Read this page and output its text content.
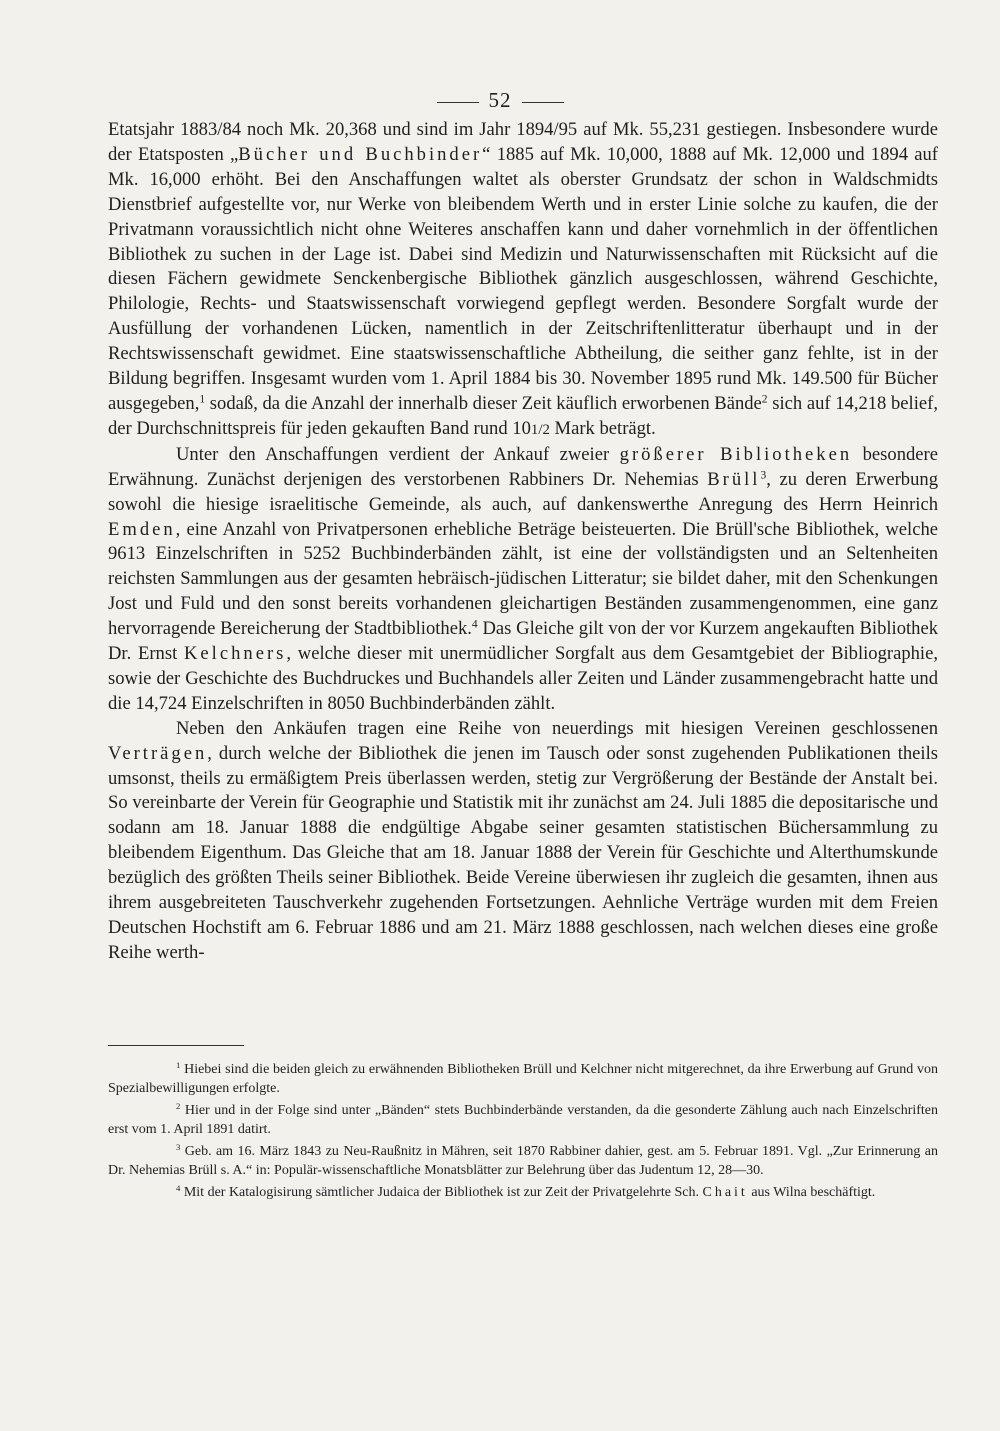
52

Etatsjahr 1883/84 noch Mk. 20,368 und sind im Jahr 1894/95 auf Mk. 55,231 gestiegen. Insbesondere wurde der Etatsposten „Bücher und Buchbinder“ 1885 auf Mk. 10,000, 1888 auf Mk. 12,000 und 1894 auf Mk. 16,000 erhöht. Bei den Anschaffungen waltet als oberster Grundsatz der schon in Waldschmidts Dienstbrief aufgestellte vor, nur Werke von bleibendem Werth und in erster Linie solche zu kaufen, die der Privatmann voraussichtlich nicht ohne Weiteres anschaffen kann und daher vornehmlich in der öffentlichen Bibliothek zu suchen in der Lage ist. Dabei sind Medizin und Naturwissenschaften mit Rücksicht auf die diesen Fächern gewidmete Senckenbergische Bibliothek gänzlich ausgeschlossen, während Geschichte, Philologie, Rechts- und Staatswissenschaft vorwiegend gepflegt werden. Besondere Sorgfalt wurde der Ausfüllung der vorhandenen Lücken, namentlich in der Zeitschriftenlitteratur überhaupt und in der Rechtswissenschaft gewidmet. Eine staatswissenschaftliche Abtheilung, die seither ganz fehlte, ist in der Bildung begriffen. Insgesamt wurden vom 1. April 1884 bis 30. November 1895 rund Mk. 149.500 für Bücher ausgegeben,$^1$ sodaß, da die Anzahl der innerhalb dieser Zeit käuflich erworbenen Bände$^2$ sich auf 14,218 belief, der Durchschnittspreis für jeden gekauften Band rund 101/2 Mark beträgt.

Unter den Anschaffungen verdient der Ankauf zweier größerer Bibliotheken besondere Erwähnung. Zunächst derjenigen des verstorbenen Rabbiners Dr. Nehemias Brüll$^3$, zu deren Erwerbung sowohl die hiesige israelitische Gemeinde, als auch, auf dankenswerthe Anregung des Herrn Heinrich Emden, eine Anzahl von Privatpersonen erhebliche Beträge beisteuerten. Die Brüll'sche Bibliothek, welche 9613 Einzelschriften in 5252 Buchbinderbänden zählt, ist eine der vollständigsten und an Seltenheiten reichsten Sammlungen aus der gesamten hebräisch-jüdischen Litteratur; sie bildet daher, mit den Schenkungen Jost und Fuld und den sonst bereits vorhandenen gleichartigen Beständen zusammengenommen, eine ganz hervorragende Bereicherung der Stadtbibliothek.$^4$ Das Gleiche gilt von der vor Kurzem angekauften Bibliothek Dr. Ernst Kelchners, welche dieser mit unermüdlicher Sorgfalt aus dem Gesamtgebiet der Bibliographie, sowie der Geschichte des Buchdruckes und Buchhandels aller Zeiten und Länder zusammengebracht hatte und die 14,724 Einzelschriften in 8050 Buchbinderbänden zählt.

Neben den Ankäufen tragen eine Reihe von neuerdings mit hiesigen Vereinen geschlossenen Verträgen, durch welche der Bibliothek die jenen im Tausch oder sonst zugehenden Publikationen theils umsonst, theils zu ermäßigtem Preis überlassen werden, stetig zur Vergrößerung der Bestände der Anstalt bei. So vereinbarte der Verein für Geographie und Statistik mit ihr zunächst am 24. Juli 1885 die depositarische und sodann am 18. Januar 1888 die endgültige Abgabe seiner gesamten statistischen Büchersammlung zu bleibendem Eigenthum. Das Gleiche that am 18. Januar 1888 der Verein für Geschichte und Alterthumskunde bezüglich des größten Theils seiner Bibliothek. Beide Vereine überwiesen ihr zugleich die gesamten, ihnen aus ihrem ausgebreiteten Tauschverkehr zugehenden Fortsetzungen. Aehnliche Verträge wurden mit dem Freien Deutschen Hochstift am 6. Februar 1886 und am 21. März 1888 geschlossen, nach welchen dieses eine große Reihe werth-

$^1$ Hiebei sind die beiden gleich zu erwähnenden Bibliotheken Brüll und Kelchner nicht mitgerechnet, da ihre Erwerbung auf Grund von Spezialbewilligungen erfolgte.

$^2$ Hier und in der Folge sind unter „Bänden“ stets Buchbinderbände verstanden, da die gesonderte Zählung auch nach Einzelschriften erst vom 1. April 1891 datirt.

$^3$ Geb. am 16. März 1843 zu Neu-Raußnitz in Mähren, seit 1870 Rabbiner dahier, gest. am 5. Februar 1891. Vgl. „Zur Erinnerung an Dr. Nehemias Brüll s. A.“ in: Populär-wissenschaftliche Monatsblätter zur Belehrung über das Judentum 12, 28—30.

$^4$ Mit der Katalogisirung sämtlicher Judaica der Bibliothek ist zur Zeit der Privatgelehrte Sch. Chait aus Wilna beschäftigt.
